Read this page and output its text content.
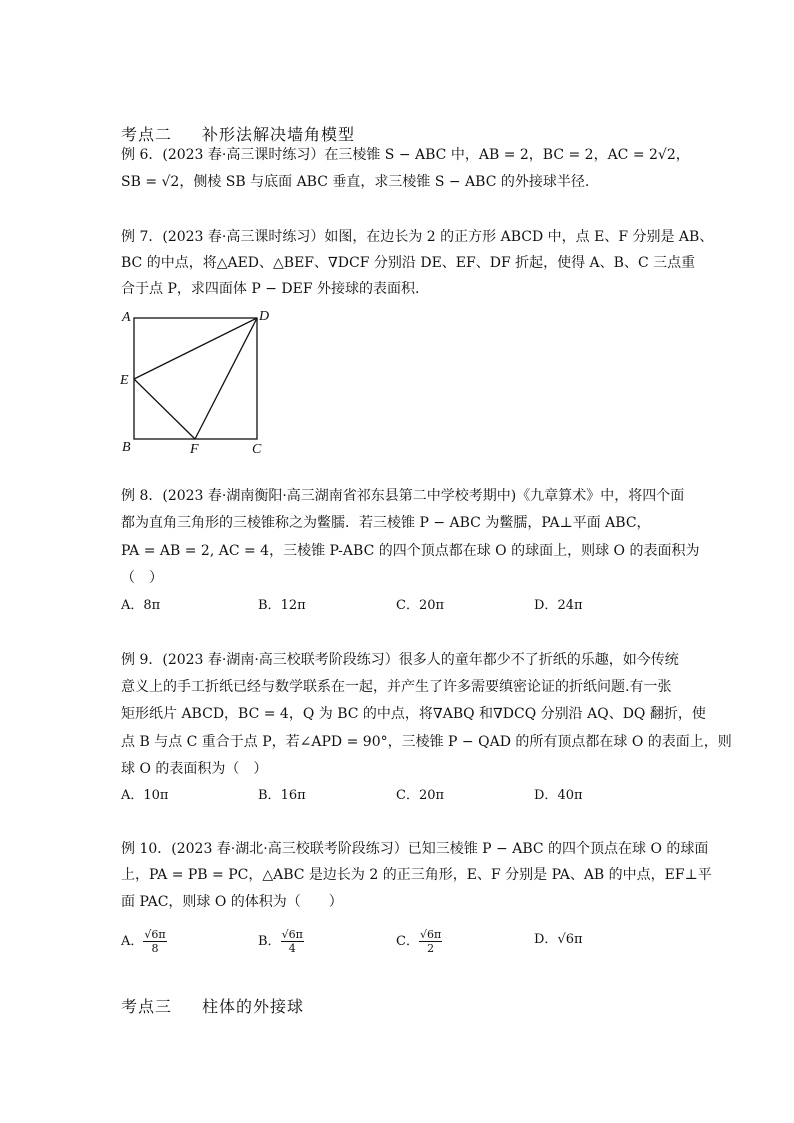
考点二 补形法解决墙角模型
例 6．(2023 春·高三课时练习）在三棱锥 S − ABC 中，AB = 2，BC = 2，AC = 2√2，
SB = √2，侧棱 SB 与底面 ABC 垂直，求三棱锥 S − ABC 的外接球半径.
例 7．(2023 春·高三课时练习）如图，在边长为 2 的正方形 ABCD 中，点 E、F 分别是 AB、
BC 的中点，将△AED、△BEF、∇DCF 分别沿 DE、EF、DF 折起，使得 A、B、C 三点重
合于点 P，求四面体 P − DEF 外接球的表面积.
A	D
E
B	F	C
例 8．(2023 春·湖南衡阳·高三湖南省祁东县第二中学校考期中)《九章算术》中，将四个面
都为直角三角形的三棱锥称之为鳖臑．若三棱锥 P − ABC 为鳖臑，PA⊥平面 ABC，
PA = AB = 2, AC = 4，三棱锥 P-ABC 的四个顶点都在球 O 的球面上，则球 O 的表面积为
（　）
A．8π	B．12π	C．20π	D．24π
例 9．(2023 春·湖南·高三校联考阶段练习）很多人的童年都少不了折纸的乐趣，如今传统
意义上的手工折纸已经与数学联系在一起，并产生了许多需要缜密论证的折纸问题.有一张
矩形纸片 ABCD，BC = 4，Q 为 BC 的中点，将∇ABQ 和∇DCQ 分别沿 AQ、DQ 翻折，使
点 B 与点 C 重合于点 P，若∠APD = 90°，三棱锥 P − QAD 的所有顶点都在球 O 的表面上，则
球 O 的表面积为（　）
A．10π	B．16π	C．20π	D．40π
例 10．(2023 春·湖北·高三校联考阶段练习）已知三棱锥 P − ABC 的四个顶点在球 O 的球面
上，PA = PB = PC，△ABC 是边长为 2 的正三角形，E、F 分别是 PA、AB 的中点，EF⊥平
面 PAC，则球 O 的体积为（　　）
A． $\frac{√6\pi}{8}$	B． $\frac{√6\pi}{4}$	C． $\frac{√6\pi}{2}$	D．√6π
考点三 柱体的外接球
